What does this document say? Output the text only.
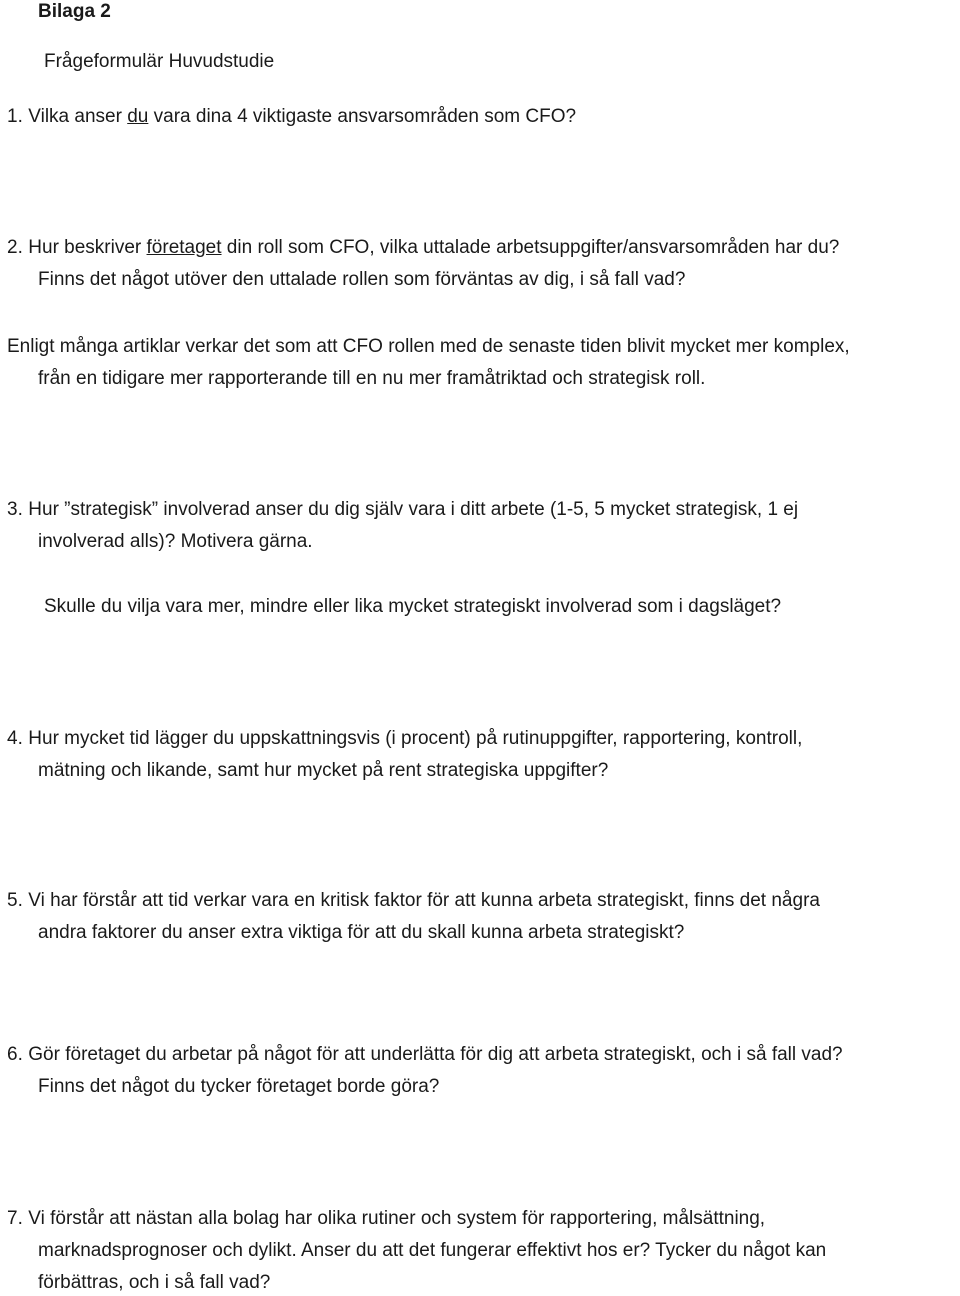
Bilaga 2
Frågeformulär Huvudstudie
1. Vilka anser du vara dina 4 viktigaste ansvarsområden som CFO?
2. Hur beskriver företaget din roll som CFO, vilka uttalade arbetsuppgifter/ansvarsområden har du?
Finns det något utöver den uttalade rollen som förväntas av dig, i så fall vad?
Enligt många artiklar verkar det som att CFO rollen med de senaste tiden blivit mycket mer komplex,
från en tidigare mer rapporterande till en nu mer framåtriktad och strategisk roll.
3. Hur ”strategisk” involverad anser du dig själv vara i ditt arbete (1-5, 5 mycket strategisk, 1 ej
involverad alls)? Motivera gärna.
Skulle du vilja vara mer, mindre eller lika mycket strategiskt involverad som i dagsläget?
4. Hur mycket tid lägger du uppskattningsvis (i procent) på rutinuppgifter, rapportering, kontroll,
mätning och likande, samt hur mycket på rent strategiska uppgifter?
5. Vi har förstår att tid verkar vara en kritisk faktor för att kunna arbeta strategiskt, finns det några
andra faktorer du anser extra viktiga för att du skall kunna arbeta strategiskt?
6. Gör företaget du arbetar på något för att underlätta för dig att arbeta strategiskt, och i så fall vad?
Finns det något du tycker företaget borde göra?
7. Vi förstår att nästan alla bolag har olika rutiner och system för rapportering, målsättning,
marknadsprognoser och dylikt. Anser du att det fungerar effektivt hos er? Tycker du något kan
förbättras, och i så fall vad?
